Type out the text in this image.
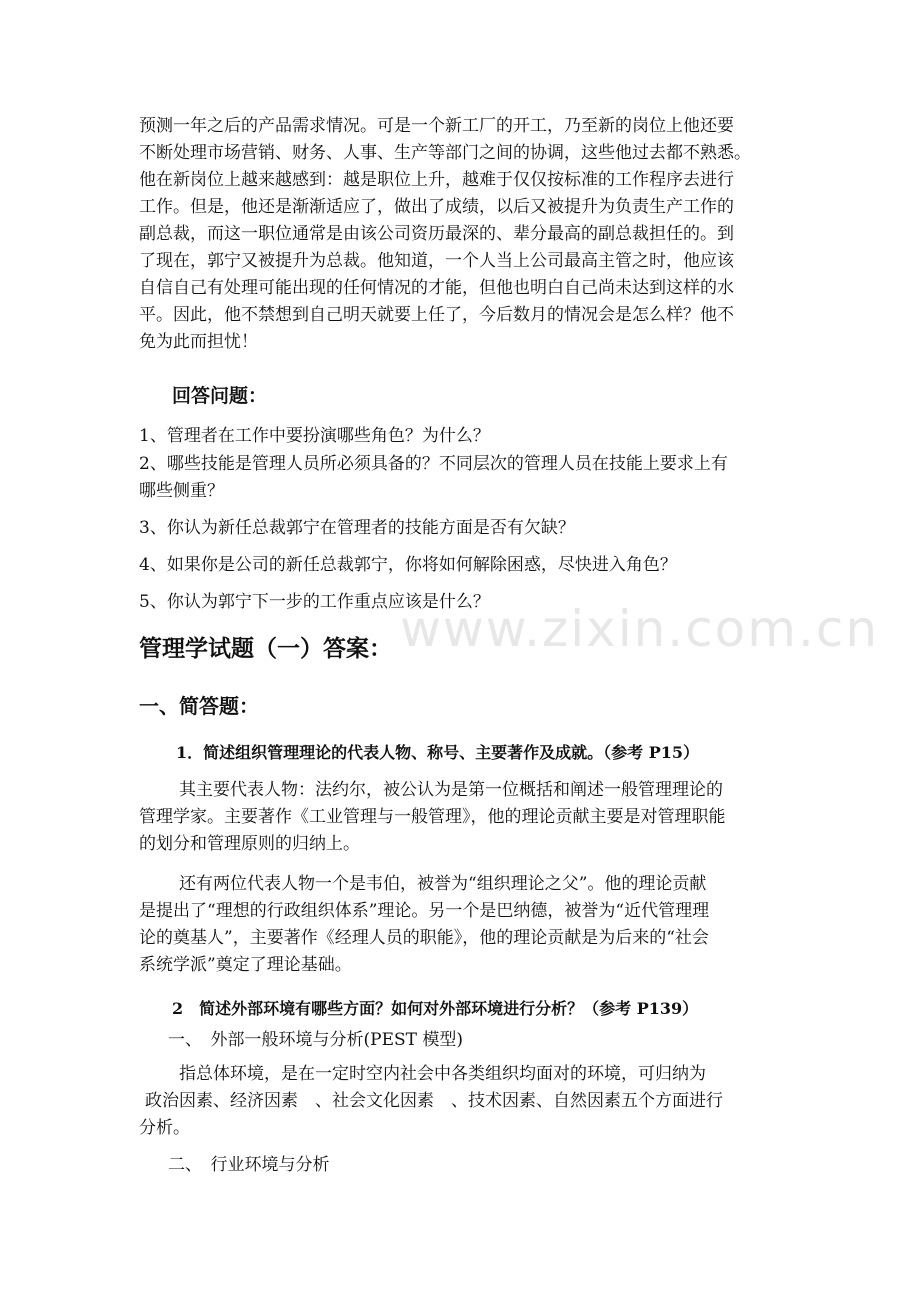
预测一年之后的产品需求情况。可是一个新工厂的开工，乃至新的岗位上他还要
不断处理市场营销、财务、人事、生产等部门之间的协调，这些他过去都不熟悉。
他在新岗位上越来越感到：越是职位上升，越难于仅仅按标准的工作程序去进行
工作。但是，他还是渐渐适应了，做出了成绩，以后又被提升为负责生产工作的
副总裁，而这一职位通常是由该公司资历最深的、辈分最高的副总裁担任的。到
了现在，郭宁又被提升为总裁。他知道，一个人当上公司最高主管之时，他应该
自信自己有处理可能出现的任何情况的才能，但他也明白自己尚未达到这样的水
平。因此，他不禁想到自己明天就要上任了，今后数月的情况会是怎么样？他不
免为此而担忧！
回答问题：
1、管理者在工作中要扮演哪些角色？为什么？
2、哪些技能是管理人员所必须具备的？不同层次的管理人员在技能上要求上有
哪些侧重？
3、你认为新任总裁郭宁在管理者的技能方面是否有欠缺？
4、如果你是公司的新任总裁郭宁，你将如何解除困惑，尽快进入角色？
5、你认为郭宁下一步的工作重点应该是什么？
www.zixin.com.cn
管理学试题（一）答案：
一、简答题：
1．简述组织管理理论的代表人物、称号、主要著作及成就。（参考 P15）
其主要代表人物：法约尔，被公认为是第一位概括和阐述一般管理理论的
管理学家。主要著作《工业管理与一般管理》，他的理论贡献主要是对管理职能
的划分和管理原则的归纳上。
还有两位代表人物一个是韦伯，被誉为“组织理论之父”。他的理论贡献
是提出了“理想的行政组织体系”理论。另一个是巴纳德，被誉为“近代管理理
论的奠基人”，主要著作《经理人员的职能》，他的理论贡献是为后来的“社会
系统学派”奠定了理论基础。
2　简述外部环境有哪些方面？如何对外部环境进行分析？（参考 P139）
一、　外部一般环境与分析(PEST 模型)
指总体环境，是在一定时空内社会中各类组织均面对的环境，可归纳为
政治因素、经济因素　、社会文化因素　、技术因素、自然因素五个方面进行
分析。
二、　行业环境与分析
